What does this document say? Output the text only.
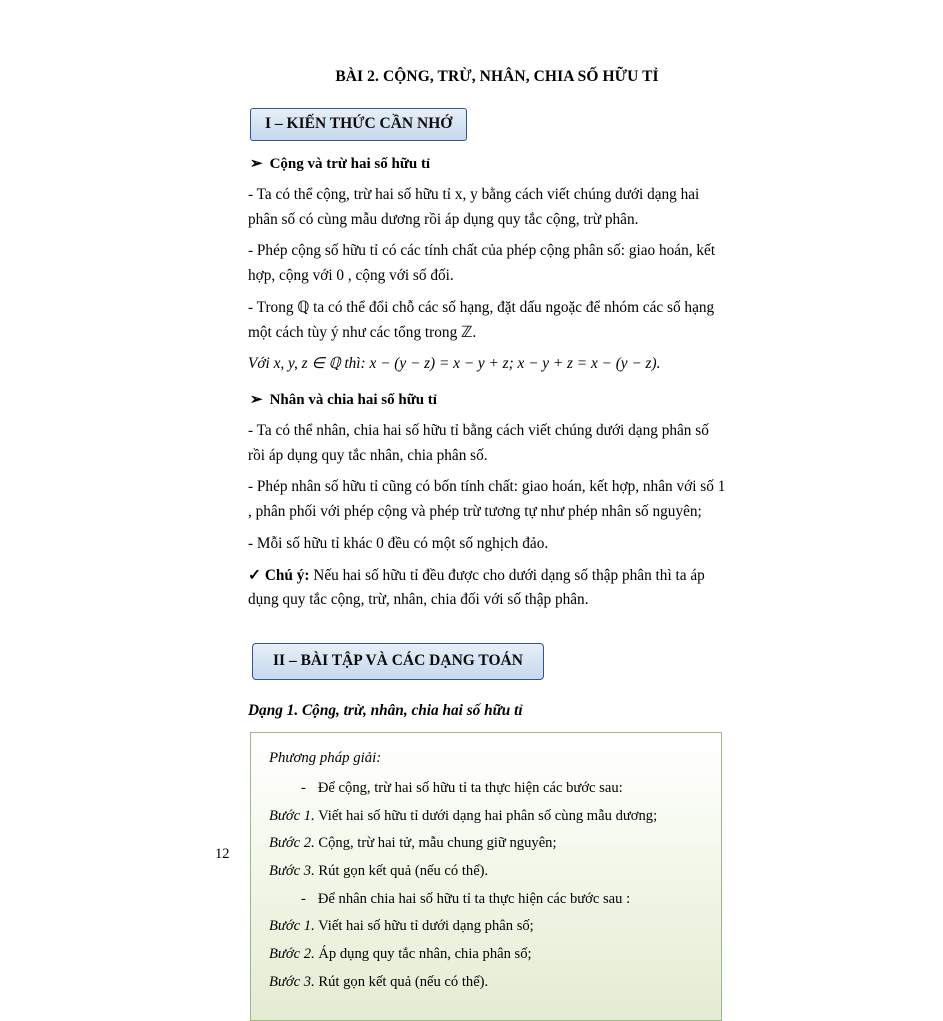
BÀI 2. CỘNG, TRỪ, NHÂN, CHIA SỐ HỮU TỈ
I – KIẾN THỨC CẦN NHỚ
➢ Cộng và trừ hai số hữu tỉ

- Ta có thể cộng, trừ hai số hữu tỉ x, y bằng cách viết chúng dưới dạng hai phân số có cùng mẫu dương rồi áp dụng quy tắc cộng, trừ phân.

- Phép cộng số hữu tỉ có các tính chất của phép cộng phân số: giao hoán, kết hợp, cộng với 0 , cộng với số đối.

- Trong ℚ ta có thể đổi chỗ các số hạng, đặt dấu ngoặc để nhóm các số hạng một cách tùy ý như các tổng trong ℤ.

Với x, y, z ∈ ℚ thì: x − (y − z) = x − y + z; x − y + z = x − (y − z).

➢ Nhân và chia hai số hữu tỉ

- Ta có thể nhân, chia hai số hữu tỉ bằng cách viết chúng dưới dạng phân số rồi áp dụng quy tắc nhân, chia phân số.

- Phép nhân số hữu tỉ cũng có bốn tính chất: giao hoán, kết hợp, nhân với số 1 , phân phối với phép cộng và phép trừ tương tự như phép nhân số nguyên;

- Mỗi số hữu tỉ khác 0 đều có một số nghịch đảo.

✓ Chú ý: Nếu hai số hữu tỉ đều được cho dưới dạng số thập phân thì ta áp dụng quy tắc cộng, trừ, nhân, chia đối với số thập phân.

II – BÀI TẬP VÀ CÁC DẠNG TOÁN
Dạng 1. Cộng, trừ, nhân, chia hai số hữu tỉ
Phương pháp giải:
- Để cộng, trừ hai số hữu tỉ ta thực hiện các bước sau:
Bước 1. Viết hai số hữu tỉ dưới dạng hai phân số cùng mẫu dương;
Bước 2. Cộng, trừ hai tử, mẫu chung giữ nguyên;
Bước 3. Rút gọn kết quả (nếu có thể).
- Để nhân chia hai số hữu tỉ ta thực hiện các bước sau :
Bước 1. Viết hai số hữu tỉ dưới dạng phân số;
Bước 2. Áp dụng quy tắc nhân, chia phân số;
Bước 3. Rút gọn kết quả (nếu có thể).
12
